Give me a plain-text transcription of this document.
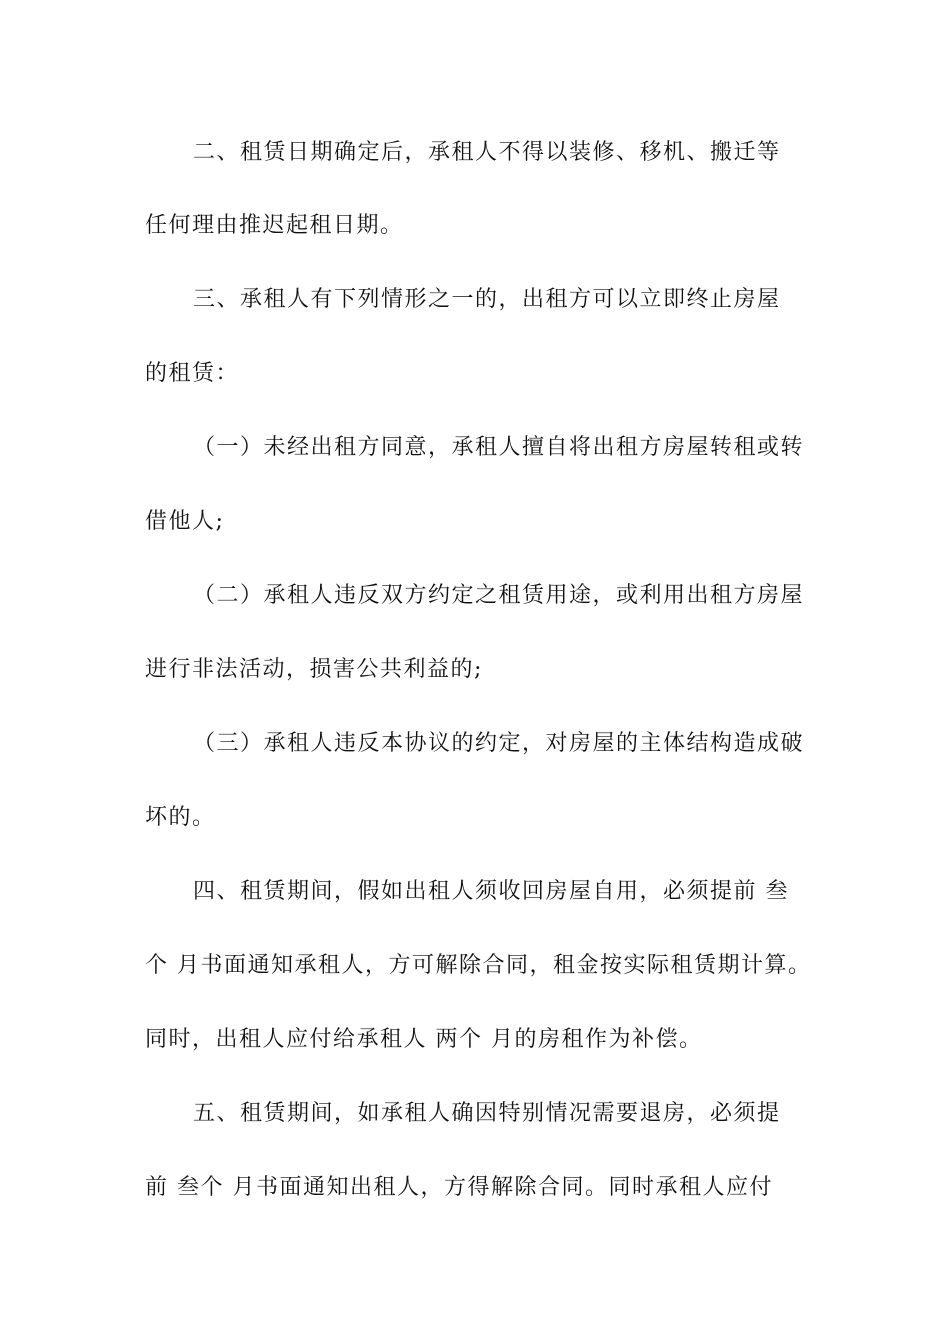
二、租赁日期确定后，承租人不得以装修、移机、搬迁等
任何理由推迟起租日期。
三、承租人有下列情形之一的，出租方可以立即终止房屋
的租赁：
（一）未经出租方同意，承租人擅自将出租方房屋转租或转
借他人;
（二）承租人违反双方约定之租赁用途，或利用出租方房屋
进行非法活动，损害公共利益的;
（三）承租人违反本协议的约定，对房屋的主体结构造成破
坏的。
四、租赁期间，假如出租人须收回房屋自用，必须提前 叁
个 月书面通知承租人，方可解除合同，租金按实际租赁期计算。
同时，出租人应付给承租人 两个 月的房租作为补偿。
五、租赁期间，如承租人确因特别情况需要退房，必须提
前 叁个 月书面通知出租人，方得解除合同。同时承租人应付
